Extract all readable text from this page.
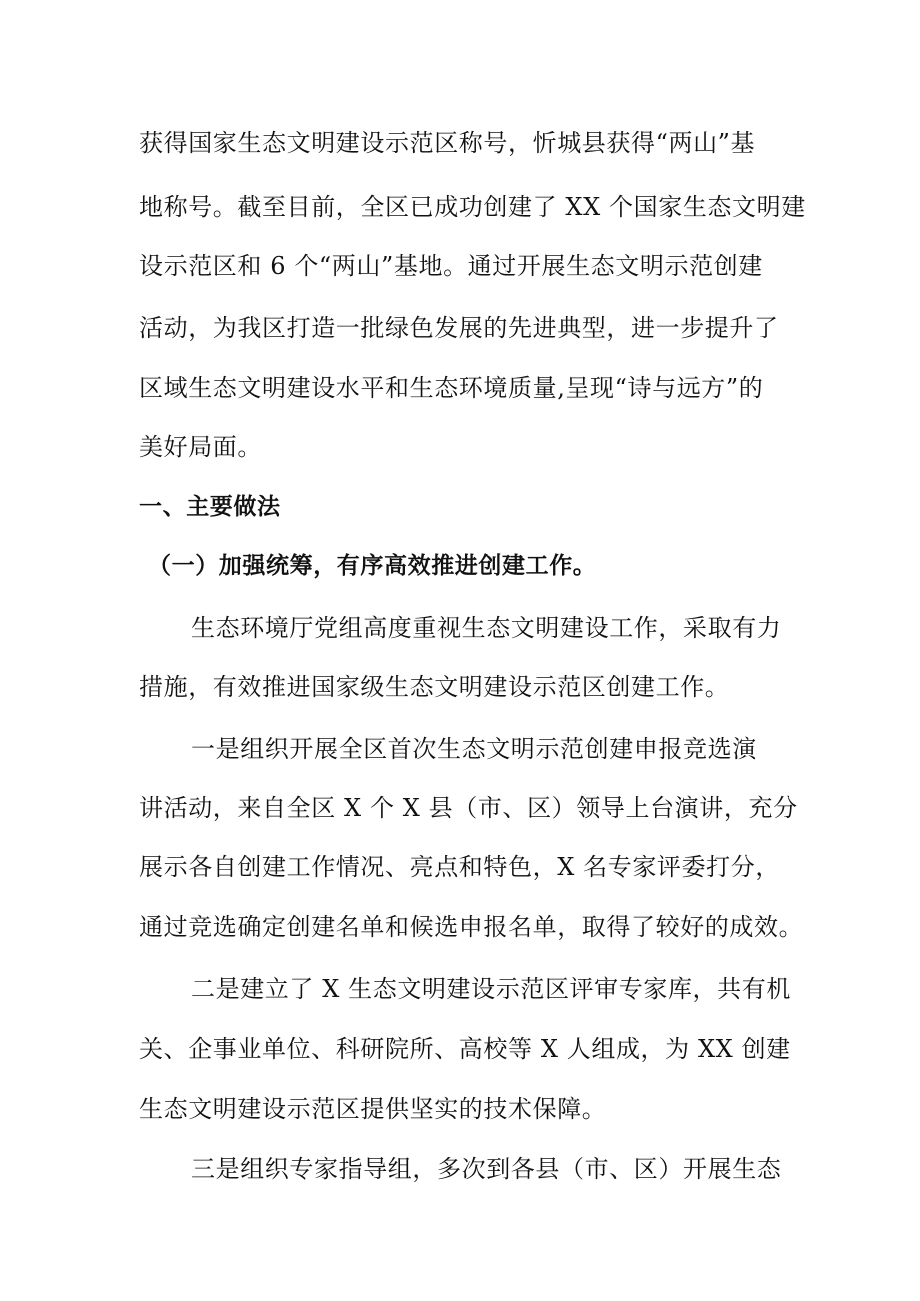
获得国家生态文明建设示范区称号，忻城县获得“两山”基
地称号。截至目前，全区已成功创建了 XX 个国家生态文明建
设示范区和 6 个“两山”基地。通过开展生态文明示范创建
活动，为我区打造一批绿色发展的先进典型，进一步提升了
区域生态文明建设水平和生态环境质量,呈现“诗与远方”的
美好局面。
一、主要做法
（一）加强统筹，有序高效推进创建工作。
生态环境厅党组高度重视生态文明建设工作，采取有力
措施，有效推进国家级生态文明建设示范区创建工作。
一是组织开展全区首次生态文明示范创建申报竞选演
讲活动，来自全区 X 个 X 县（市、区）领导上台演讲，充分
展示各自创建工作情况、亮点和特色，X 名专家评委打分，
通过竞选确定创建名单和候选申报名单，取得了较好的成效。
二是建立了 X 生态文明建设示范区评审专家库，共有机
关、企事业单位、科研院所、高校等 X 人组成，为 XX 创建
生态文明建设示范区提供坚实的技术保障。
三是组织专家指导组，多次到各县（市、区）开展生态
